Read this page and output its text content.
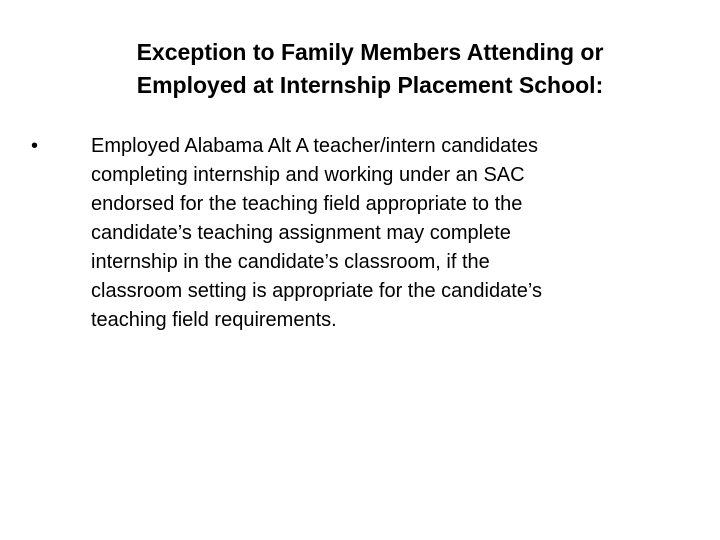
Exception to Family Members Attending or
Employed at Internship Placement School:
•	Employed Alabama Alt A teacher/intern candidates
completing internship and working under an SAC
endorsed for the teaching field appropriate to the
candidate’s teaching assignment may complete
internship in the candidate’s classroom, if the
classroom setting is appropriate for the candidate’s
teaching field requirements.
